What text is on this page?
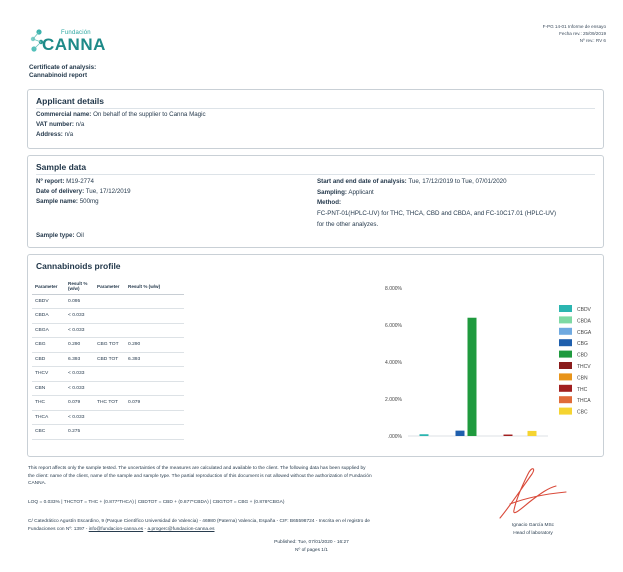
Fundación
CANNA
F-PG 14-01 Informe de ensayo
Fecha rev.: 25/09/2019
Nº rev.: RV 6
Certificate of analysis:
Cannabinoid report
Applicant details
Commercial name: On behalf of the supplier to Canna Magic
VAT number: n/a
Address: n/a
Sample data
Nº report: M19-2774
Date of delivery: Tue, 17/12/2019
Sample name: 500mg
Sample type: Oil
Start and end date of analysis: Tue, 17/12/2019 to Tue, 07/01/2020
Sampling: Applicant
Method:
FC-PNT-01(HPLC-UV) for THC, THCA, CBD and CBDA, and FC-10C17.01 (HPLC-UV)
for the other analyzes.
Cannabinoids profile
Parameter	Result % (w/w)	Parameter	Result % (w/w)
CBDV	0.095		
CBDA	< 0.033		
CBGA	< 0.033		
CBG	0.290	CBG TOT	0.290
CBD	6.393	CBD TOT	6.393
THCV	< 0.033		
CBN	< 0.033		
THC	0.079	THC TOT	0.079
THCA	< 0.033		
CBC	0.275		
8.000%
6.000%
4.000%
2.000%
.000%
CBDV
CBDA
CBGA
CBG
CBD
THCV
CBN
THC
THCA
CBC
This report affects only the sample tested. The uncertainties of the measures are calculated and available to the client. The following data has been supplied by
the client: name of the client, name of the sample and sample type. The partial reproduction of this document is not allowed without the authorization of Fundación
CANNA.
LOQ = 0.033% | THCTOT = THC + (0.877*THCA) | CBDTOT = CBD + (0.877*CBDA) | CBGTOT = CBG + (0.878*CBGA)
C/ Catedrático Agustín Escardino, 9 (Parque Científico Universidad de Valencia) - 46980 (Paterna) Valencia, España - CIF: B65598724 - Inscrita en el registro de
Fundaciones con Nº: 1397 - info@fundacion-canna.es - a.progerc@fundacion-canna.es
Ignacio García MSc
Head of laboratory
Published: Tue, 07/01/2020 - 16:27
Nº of pages 1/1
